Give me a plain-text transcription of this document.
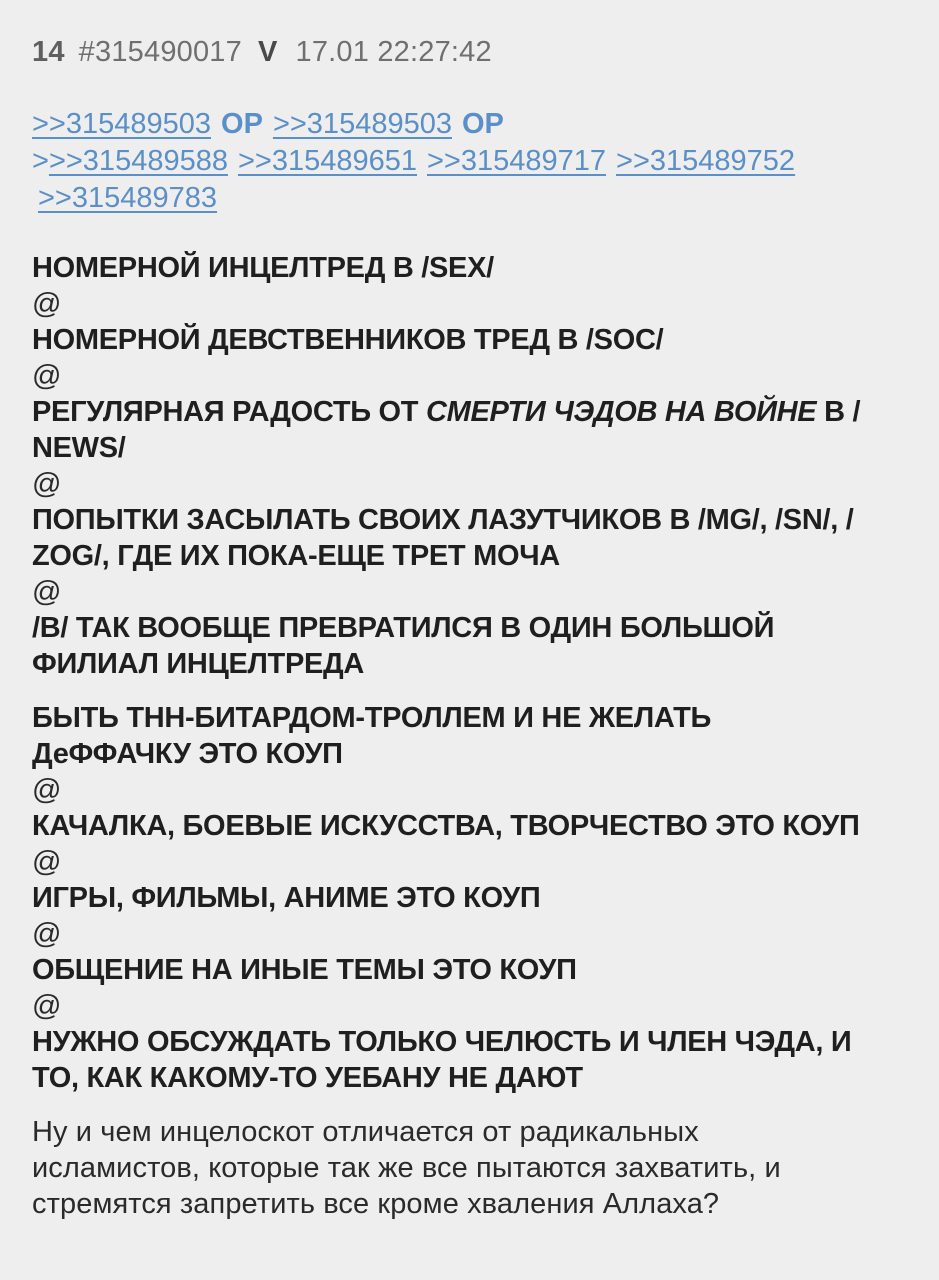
14 #315490017 V 17.01 22:27:42
>>315489503 OP >>315489503 OP
>>>315489588 >>315489651 >>315489717 >>315489752
>>315489783
НОМЕРНОЙ ИНЦЕЛТРЕД В /SEX/
@
НОМЕРНОЙ ДЕВСТВЕННИКОВ ТРЕД В /SOC/
@
РЕГУЛЯРНАЯ РАДОСТЬ ОТ СМЕРТИ ЧЭДОВ НА ВОЙНЕ В /
NEWS/
@
ПОПЫТКИ ЗАСЫЛАТЬ СВОИХ ЛАЗУТЧИКОВ В /MG/, /SN/, /
ZOG/, ГДЕ ИХ ПОКА-ЕЩЕ ТРЕТ МОЧА
@
/B/ ТАК ВООБЩЕ ПРЕВРАТИЛСЯ В ОДИН БОЛЬШОЙ
ФИЛИАЛ ИНЦЕЛТРЕДА
БЫТЬ ТНН-БИТАРДОМ-ТРОЛЛЕМ И НЕ ЖЕЛАТЬ
ДеФФАЧКУ ЭТО КОУП
@
КАЧАЛКА, БОЕВЫЕ ИСКУССТВА, ТВОРЧЕСТВО ЭТО КОУП
@
ИГРЫ, ФИЛЬМЫ, АНИМЕ ЭТО КОУП
@
ОБЩЕНИЕ НА ИНЫЕ ТЕМЫ ЭТО КОУП
@
НУЖНО ОБСУЖДАТЬ ТОЛЬКО ЧЕЛЮСТЬ И ЧЛЕН ЧЭДА, И
ТО, КАК КАКОМУ-ТО УЕБАНУ НЕ ДАЮТ
Ну и чем инцелоскот отличается от радикальных
исламистов, которые так же все пытаются захватить, и
стремятся запретить все кроме хваления Аллаха?
